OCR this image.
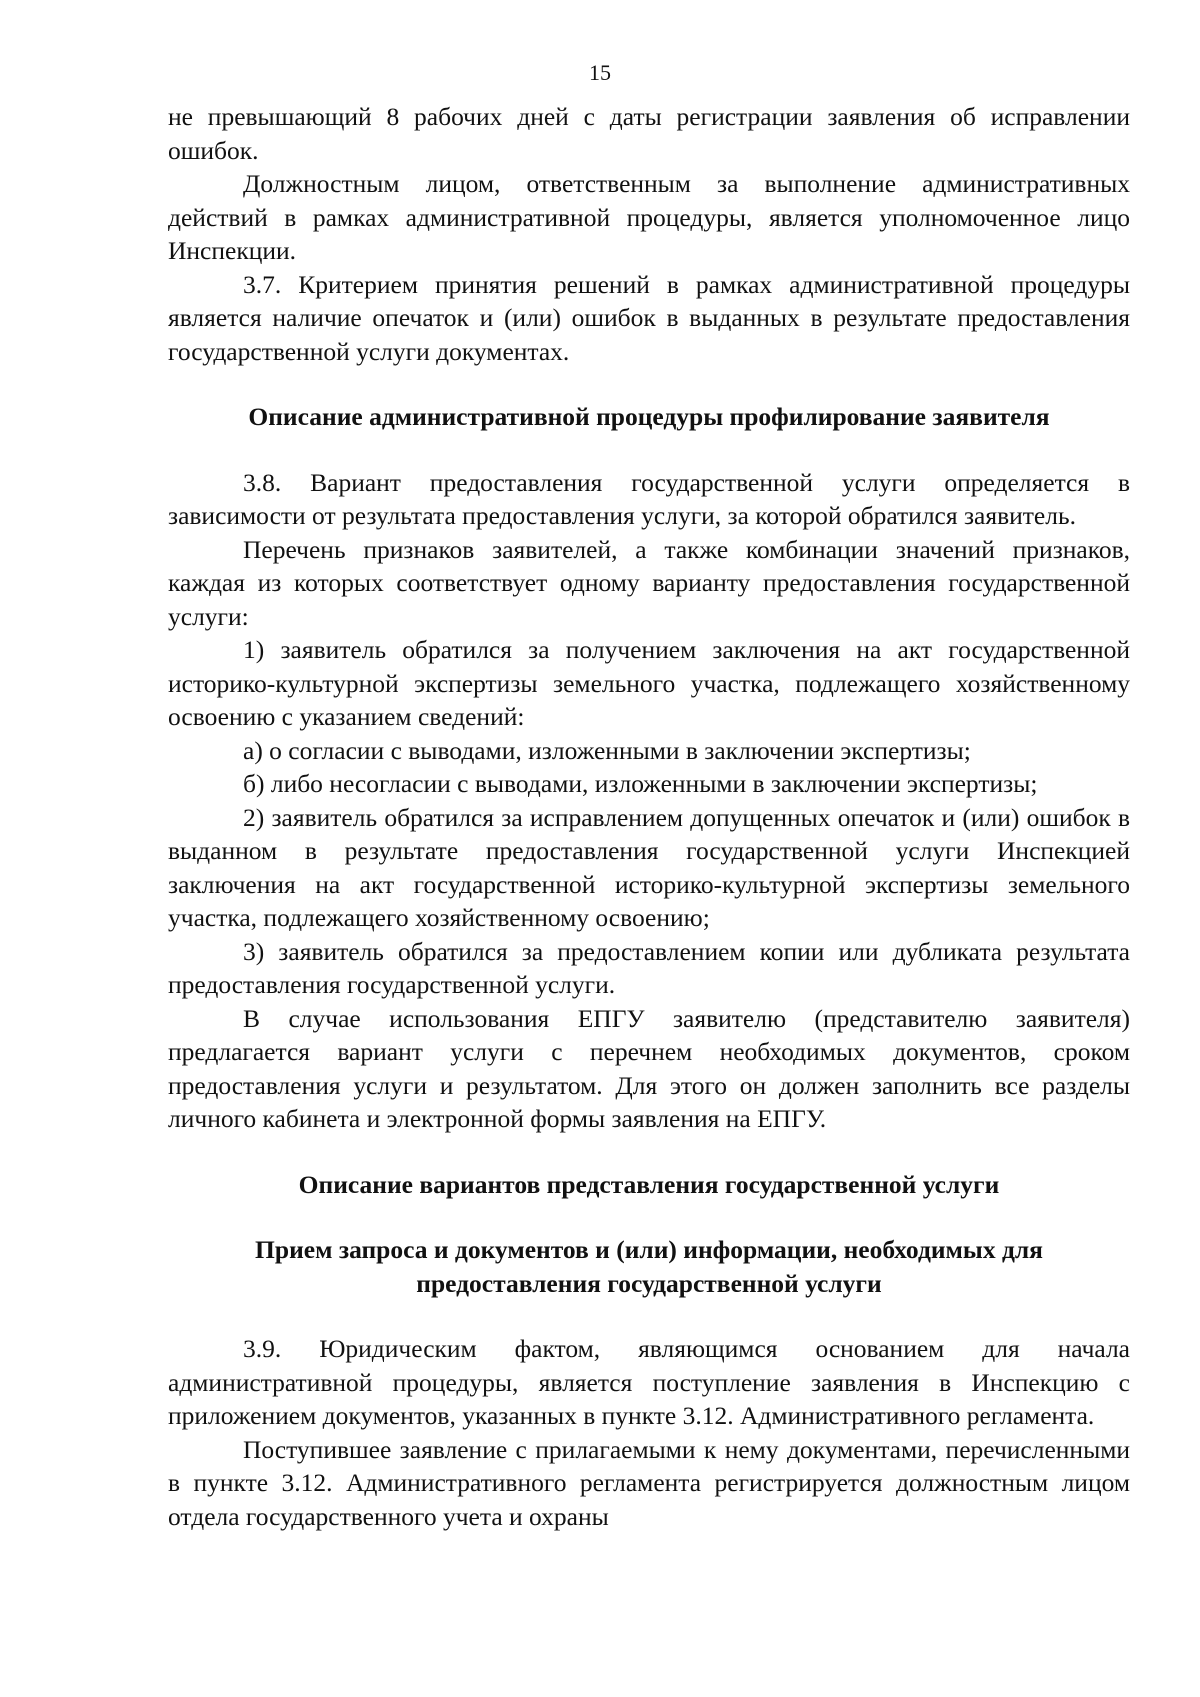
15

не превышающий 8 рабочих дней с даты регистрации заявления об исправлении ошибок.

Должностным лицом, ответственным за выполнение административных действий в рамках административной процедуры, является уполномоченное лицо Инспекции.

3.7. Критерием принятия решений в рамках административной процедуры является наличие опечаток и (или) ошибок в выданных в результате предоставления государственной услуги документах.

Описание административной процедуры профилирование заявителя

3.8. Вариант предоставления государственной услуги определяется в зависимости от результата предоставления услуги, за которой обратился заявитель.

Перечень признаков заявителей, а также комбинации значений признаков, каждая из которых соответствует одному варианту предоставления государственной услуги:

1) заявитель обратился за получением заключения на акт государственной историко-культурной экспертизы земельного участка, подлежащего хозяйственному освоению с указанием сведений:

а) о согласии с выводами, изложенными в заключении экспертизы;

б) либо несогласии с выводами, изложенными в заключении экспертизы;

2) заявитель обратился за исправлением допущенных опечаток и (или) ошибок в выданном в результате предоставления государственной услуги Инспекцией заключения на акт государственной историко-культурной экспертизы земельного участка, подлежащего хозяйственному освоению;

3) заявитель обратился за предоставлением копии или дубликата результата предоставления государственной услуги.

В случае использования ЕПГУ заявителю (представителю заявителя) предлагается вариант услуги с перечнем необходимых документов, сроком предоставления услуги и результатом. Для этого он должен заполнить все разделы личного кабинета и электронной формы заявления на ЕПГУ.

Описание вариантов представления государственной услуги

Прием запроса и документов и (или) информации, необходимых для предоставления государственной услуги

3.9. Юридическим фактом, являющимся основанием для начала административной процедуры, является поступление заявления в Инспекцию с приложением документов, указанных в пункте 3.12. Административного регламента.

Поступившее заявление с прилагаемыми к нему документами, перечисленными в пункте 3.12. Административного регламента регистрируется должностным лицом отдела государственного учета и охраны
